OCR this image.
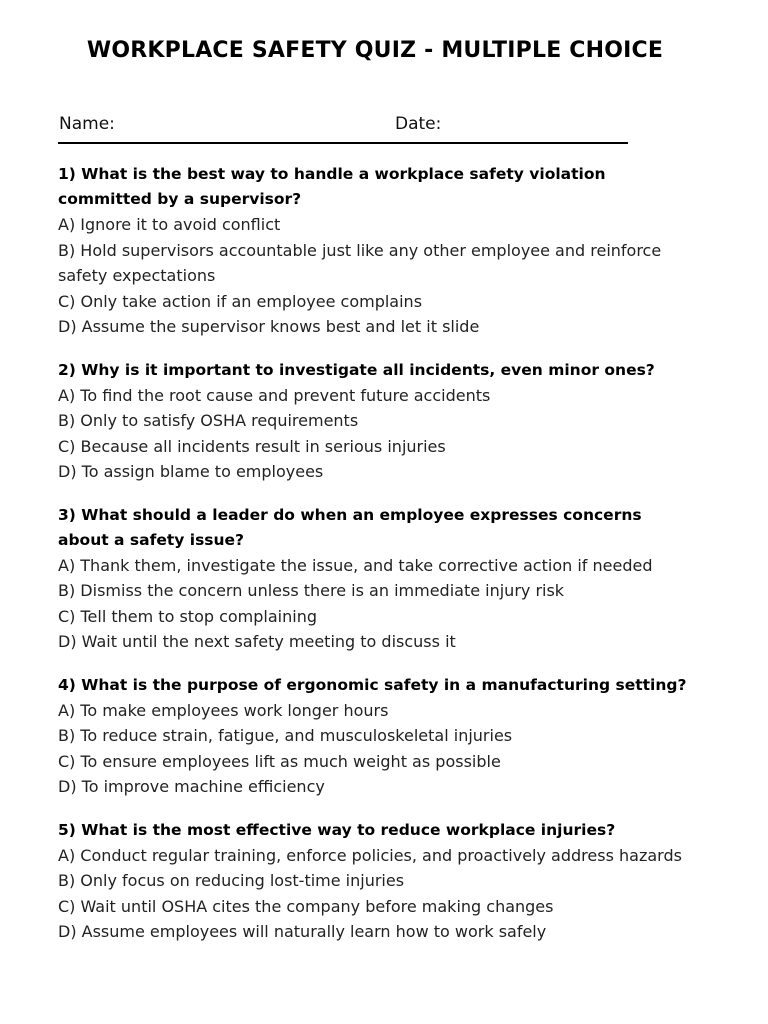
WORKPLACE SAFETY QUIZ - MULTIPLE CHOICE
Name:	Date:
1) What is the best way to handle a workplace safety violation committed by a supervisor?
A) Ignore it to avoid conflict
B) Hold supervisors accountable just like any other employee and reinforce safety expectations
C) Only take action if an employee complains
D) Assume the supervisor knows best and let it slide
2) Why is it important to investigate all incidents, even minor ones?
A) To find the root cause and prevent future accidents
B) Only to satisfy OSHA requirements
C) Because all incidents result in serious injuries
D) To assign blame to employees
3) What should a leader do when an employee expresses concerns about a safety issue?
A) Thank them, investigate the issue, and take corrective action if needed
B) Dismiss the concern unless there is an immediate injury risk
C) Tell them to stop complaining
D) Wait until the next safety meeting to discuss it
4) What is the purpose of ergonomic safety in a manufacturing setting?
A) To make employees work longer hours
B) To reduce strain, fatigue, and musculoskeletal injuries
C) To ensure employees lift as much weight as possible
D) To improve machine efficiency
5) What is the most effective way to reduce workplace injuries?
A) Conduct regular training, enforce policies, and proactively address hazards
B) Only focus on reducing lost-time injuries
C) Wait until OSHA cites the company before making changes
D) Assume employees will naturally learn how to work safely
